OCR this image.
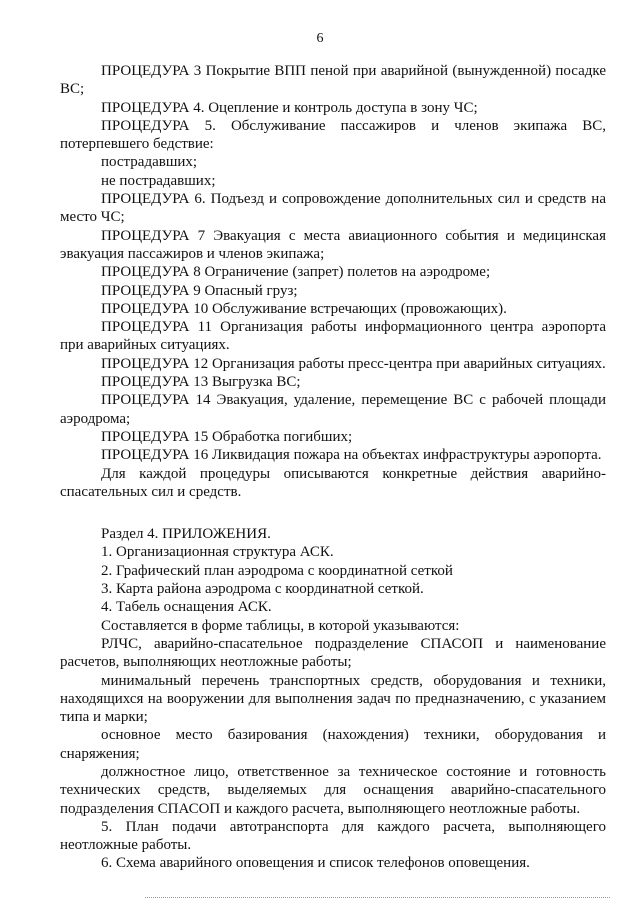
6

ПРОЦЕДУРА 3 Покрытие ВПП пеной при аварийной (вынужденной) посадке ВС;

ПРОЦЕДУРА 4. Оцепление и контроль доступа в зону ЧС;

ПРОЦЕДУРА 5. Обслуживание пассажиров и членов экипажа ВС, потерпевшего бедствие:

пострадавших;

не пострадавших;

ПРОЦЕДУРА 6. Подъезд и сопровождение дополнительных сил и средств на место ЧС;

ПРОЦЕДУРА 7 Эвакуация с места авиационного события и медицинская эвакуация пассажиров и членов экипажа;

ПРОЦЕДУРА 8 Ограничение (запрет) полетов на аэродроме;

ПРОЦЕДУРА 9 Опасный груз;

ПРОЦЕДУРА 10 Обслуживание встречающих (провожающих).

ПРОЦЕДУРА 11 Организация работы информационного центра аэропорта при аварийных ситуациях.

ПРОЦЕДУРА 12 Организация работы пресс-центра при аварийных ситуациях.

ПРОЦЕДУРА 13 Выгрузка ВС;

ПРОЦЕДУРА 14 Эвакуация, удаление, перемещение ВС с рабочей площади аэродрома;

ПРОЦЕДУРА 15 Обработка погибших;

ПРОЦЕДУРА 16 Ликвидация пожара на объектах инфраструктуры аэропорта.

Для каждой процедуры описываются конкретные действия аварийно-спасательных сил и средств.

Раздел 4. ПРИЛОЖЕНИЯ.

1. Организационная структура АСК.

2. Графический план аэродрома с координатной сеткой

3. Карта района аэродрома с координатной сеткой.

4. Табель оснащения АСК.

Составляется в форме таблицы, в которой указываются:

РЛЧС, аварийно-спасательное подразделение СПАСОП и наименование расчетов, выполняющих неотложные работы;

минимальный перечень транспортных средств, оборудования и техники, находящихся на вооружении для выполнения задач по предназначению, с указанием типа и марки;

основное место базирования (нахождения) техники, оборудования и снаряжения;

должностное лицо, ответственное за техническое состояние и готовность технических средств, выделяемых для оснащения аварийно-спасательного подразделения СПАСОП и каждого расчета, выполняющего неотложные работы.

5. План подачи автотранспорта для каждого расчета, выполняющего неотложные работы.

6. Схема аварийного оповещения и список телефонов оповещения.
